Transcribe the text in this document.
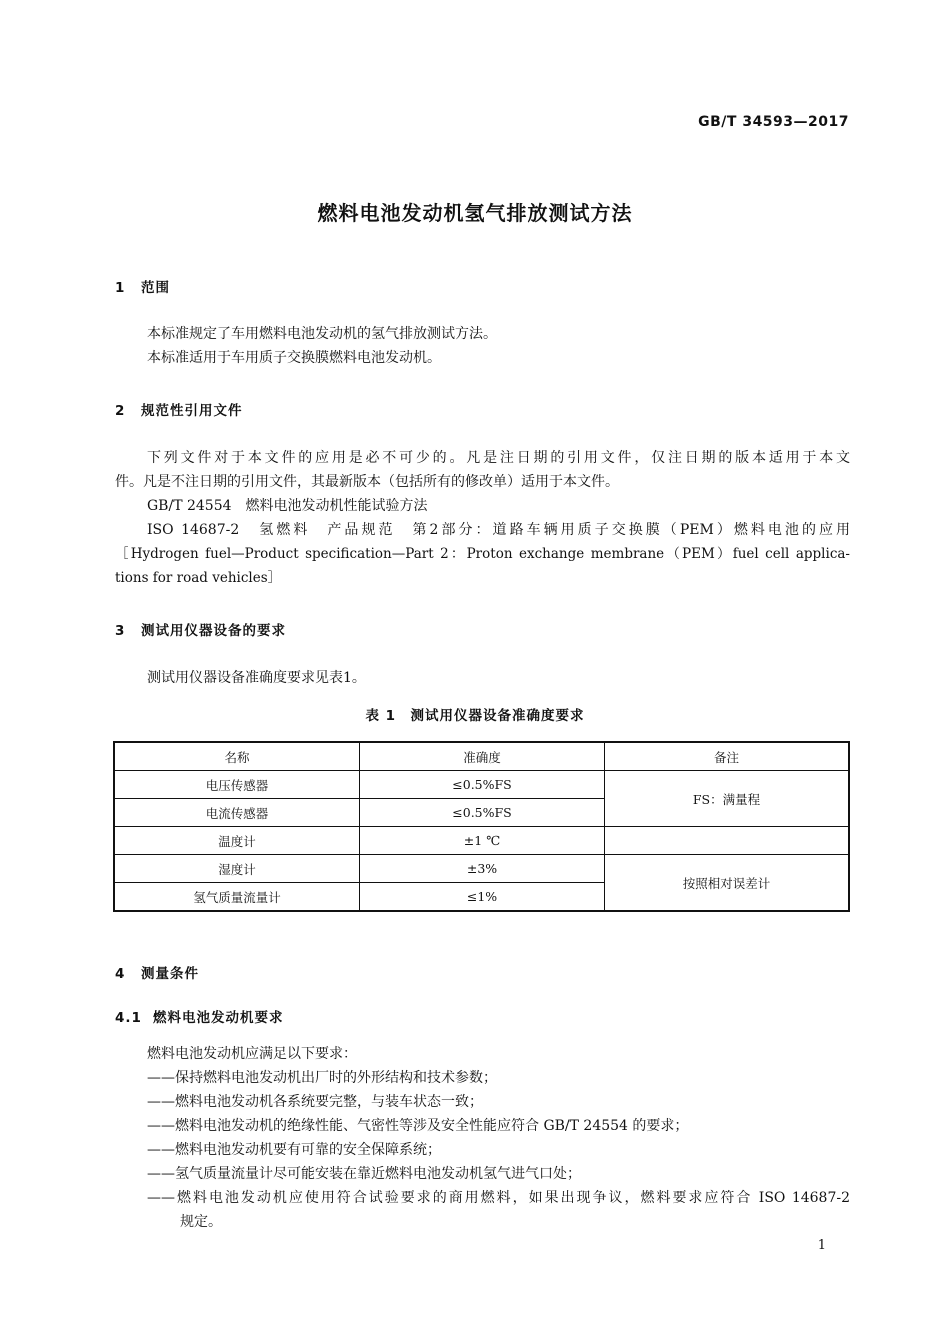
GB/T 34593—2017
燃料电池发动机氢气排放测试方法
1 范围
本标准规定了车用燃料电池发动机的氢气排放测试方法。
本标准适用于车用质子交换膜燃料电池发动机。
2 规范性引用文件
下列文件对于本文件的应用是必不可少的。凡是注日期的引用文件，仅注日期的版本适用于本文
件。凡是不注日期的引用文件，其最新版本（包括所有的修改单）适用于本文件。
GB/T 24554　燃料电池发动机性能试验方法
ISO 14687-2　氢燃料　产品规范　第2部分：道路车辆用质子交换膜（PEM）燃料电池的应用
［Hydrogen fuel—Product specification—Part 2：Proton exchange membrane（PEM）fuel cell applica-
tions for road vehicles］
3 测试用仪器设备的要求
测试用仪器设备准确度要求见表1。
表 1　测试用仪器设备准确度要求
名称	准确度	备注
电压传感器	≤0.5%FS	FS：满量程
电流传感器	≤0.5%FS	
温度计	±1 ℃	
湿度计	±3%	按照相对误差计
氢气质量流量计	≤1%	
4 测量条件
4.1 燃料电池发动机要求
燃料电池发动机应满足以下要求：
——保持燃料电池发动机出厂时的外形结构和技术参数；
——燃料电池发动机各系统要完整，与装车状态一致；
——燃料电池发动机的绝缘性能、气密性等涉及安全性能应符合 GB/T 24554 的要求；
——燃料电池发动机要有可靠的安全保障系统；
——氢气质量流量计尽可能安装在靠近燃料电池发动机氢气进气口处；
——燃料电池发动机应使用符合试验要求的商用燃料，如果出现争议，燃料要求应符合 ISO 14687-2
规定。
1
